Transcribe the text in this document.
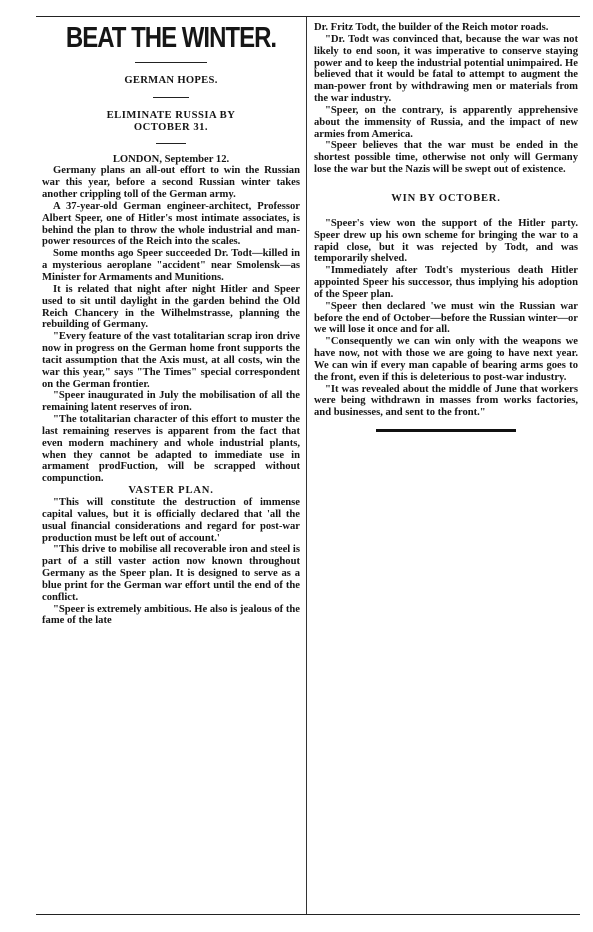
BEAT THE WINTER.

GERMAN HOPES.

ELIMINATE RUSSIA BY OCTOBER 31.

LONDON, September 12.

Germany plans an all-out effort to win the Russian war this year, before a second Russian winter takes another crippling toll of the German army.

A 37-year-old German engineer-architect, Professor Albert Speer, one of Hitler's most intimate associates, is behind the plan to throw the whole industrial and man-power resources of the Reich into the scales.

Some months ago Speer succeeded Dr. Todt—killed in a mysterious aeroplane "accident" near Smolensk—as Minister for Armaments and Munitions.

It is related that night after night Hitler and Speer used to sit until daylight in the garden behind the Old Reich Chancery in the Wilhelmstrasse, planning the rebuilding of Germany.

"Every feature of the vast totalitarian scrap iron drive now in progress on the German home front supports the tacit assumption that the Axis must, at all costs, win the war this year," says "The Times" special correspondent on the German frontier.

"Speer inaugurated in July the mobilisation of all the remaining latent reserves of iron.

"The totalitarian character of this effort to muster the last remaining reserves is apparent from the fact that even modern machinery and whole industrial plants, when they cannot be adapted to immediate use in armament prodFuction, will be scrapped without compunction.

VASTER PLAN.

"This will constitute the destruction of immense capital values, but it is officially declared that 'all the usual financial considerations and regard for post-war production must be left out of account.'

"This drive to mobilise all recoverable iron and steel is part of a still vaster action now known throughout Germany as the Speer plan. It is designed to serve as a blue print for the German war effort until the end of the conflict.

"Speer is extremely ambitious. He also is jealous of the fame of the late

Dr. Fritz Todt, the builder of the Reich motor roads.

"Dr. Todt was convinced that, because the war was not likely to end soon, it was imperative to conserve staying power and to keep the industrial potential unimpaired. He believed that it would be fatal to attempt to augment the man-power front by withdrawing men or materials from the war industry.

"Speer, on the contrary, is apparently apprehensive about the immensity of Russia, and the impact of new armies from America.

"Speer believes that the war must be ended in the shortest possible time, otherwise not only will Germany lose the war but the Nazis will be swept out of existence.

WIN BY OCTOBER.

"Speer's view won the support of the Hitler party. Speer drew up his own scheme for bringing the war to a rapid close, but it was rejected by Todt, and was temporarily shelved.

"Immediately after Todt's mysterious death Hitler appointed Speer his successor, thus implying his adoption of the Speer plan.

"Speer then declared 'we must win the Russian war before the end of October—before the Russian winter—or we will lose it once and for all.

"Consequently we can win only with the weapons we have now, not with those we are going to have next year. We can win if every man capable of bearing arms goes to the front, even if this is deleterious to post-war industry.

"It was revealed about the middle of June that workers were being withdrawn in masses from works factories, and businesses, and sent to the front."
